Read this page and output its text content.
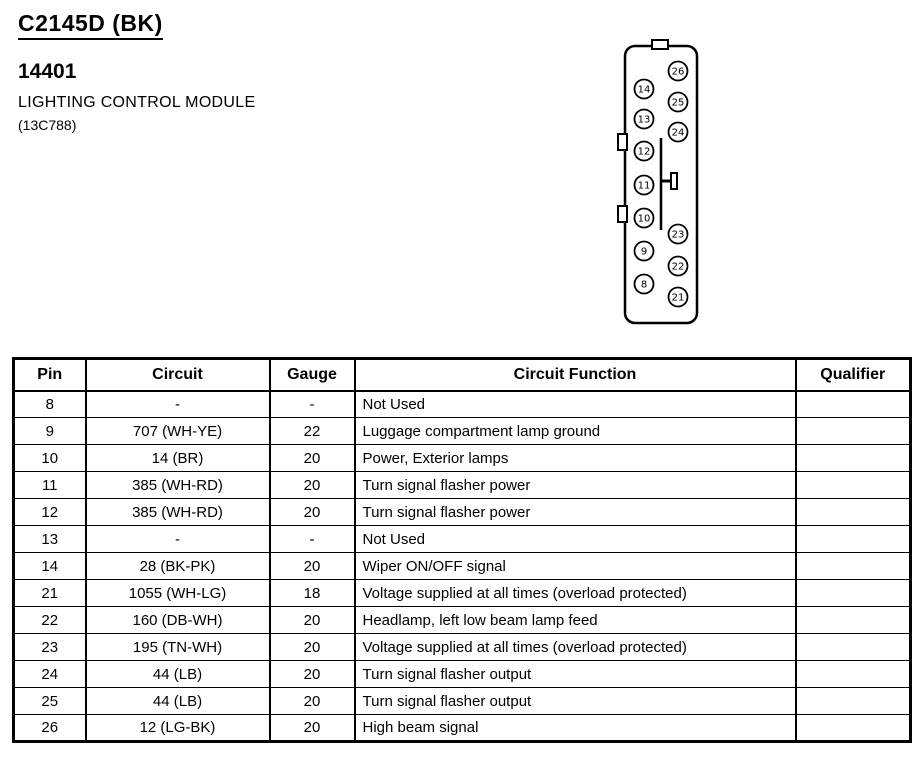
C2145D (BK)
14401
LIGHTING CONTROL MODULE
(13C788)
14
13
12
11
10
9
8
26
25
24
23
22
21
Pin	Circuit	Gauge	Circuit Function	Qualifier
8	-	-	Not Used	
9	707 (WH-YE)	22	Luggage compartment lamp ground	
10	14 (BR)	20	Power, Exterior lamps	
11	385 (WH-RD)	20	Turn signal flasher power	
12	385 (WH-RD)	20	Turn signal flasher power	
13	-	-	Not Used	
14	28 (BK-PK)	20	Wiper ON/OFF signal	
21	1055 (WH-LG)	18	Voltage supplied at all times (overload protected)	
22	160 (DB-WH)	20	Headlamp, left low beam lamp feed	
23	195 (TN-WH)	20	Voltage supplied at all times (overload protected)	
24	44 (LB)	20	Turn signal flasher output	
25	44 (LB)	20	Turn signal flasher output	
26	12 (LG-BK)	20	High beam signal	
